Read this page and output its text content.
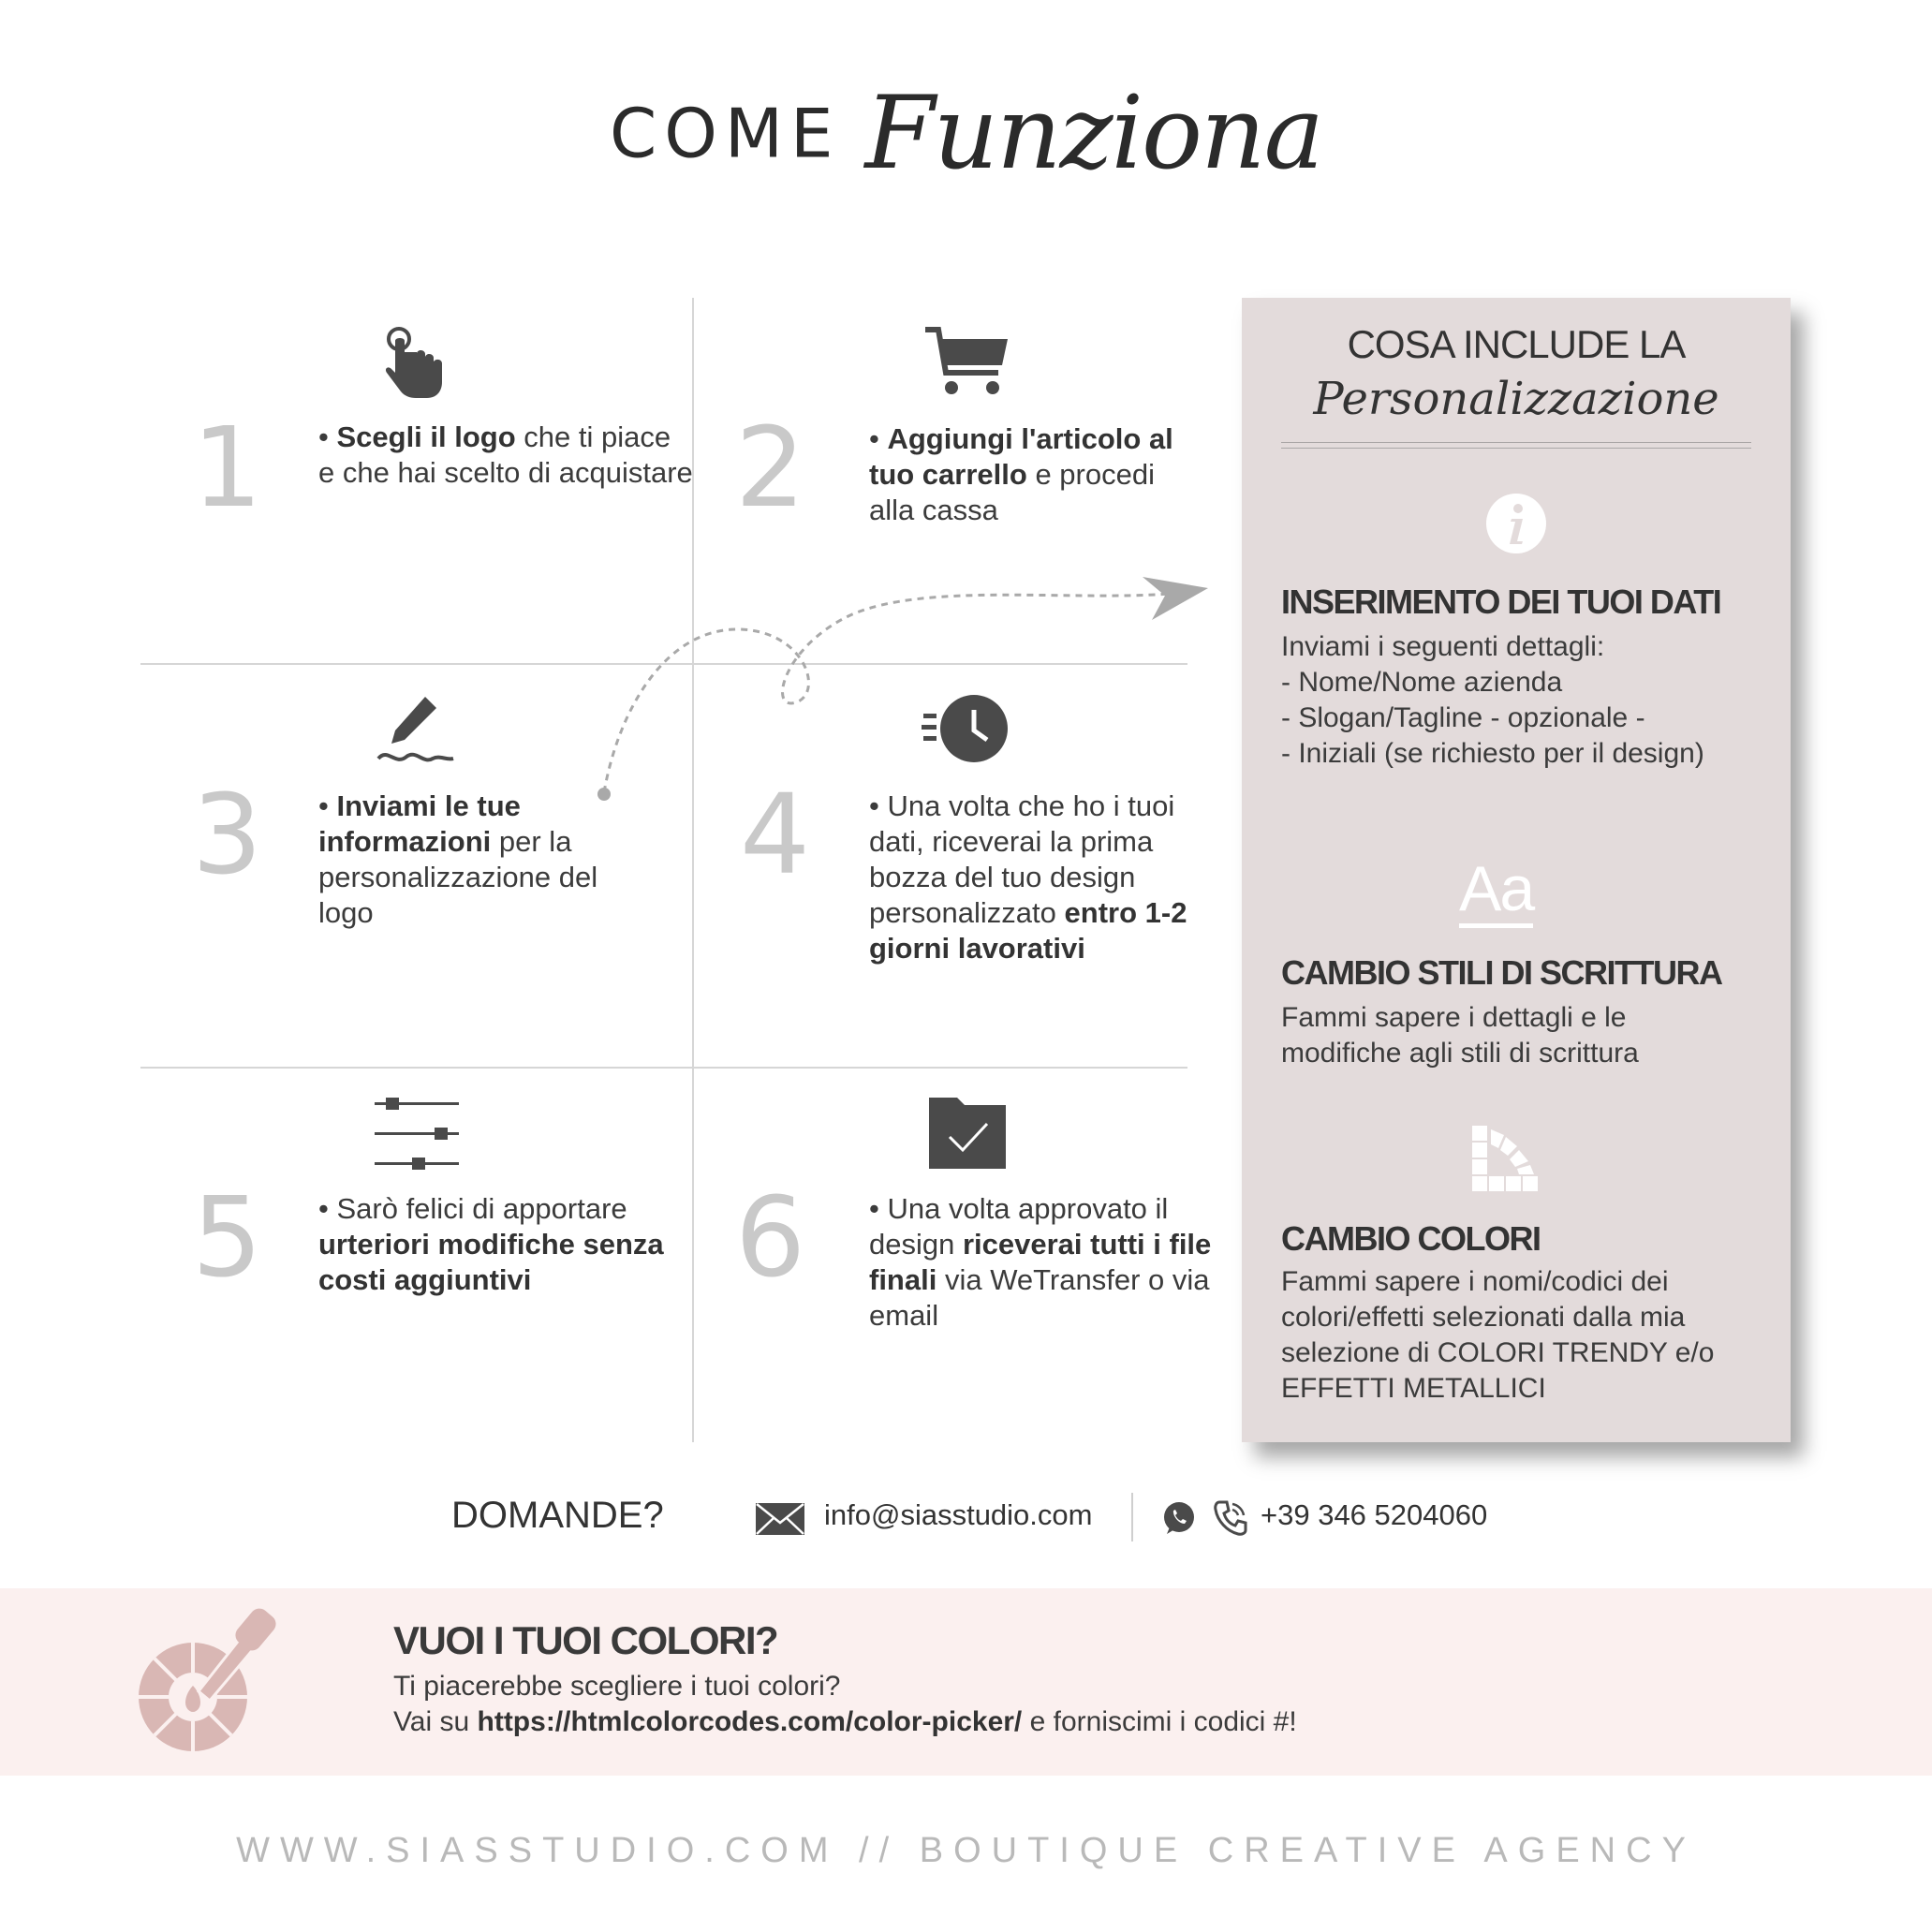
COME Funziona
1 • Scegli il logo che ti piace e che hai scelto di acquistare 2 • Aggiungi l'articolo al tuo carrello e procedi alla cassa
3 • Inviami le tue informazioni per la personalizzazione del logo
4 • Una volta che ho i tuoi dati, riceverai la prima bozza del tuo design personalizzato entro 1-2 giorni lavorativi
5 • Sarò felici di apportare urteriori modifiche senza costi aggiuntivi	6 • Una volta approvato il design riceverai tutti i file finali via WeTransfer o via email
COSA INCLUDE LA
Personalizzazione
INSERIMENTO DEI TUOI DATI
Inviami i seguenti dettagli:
- Nome/Nome azienda
- Slogan/Tagline - opzionale -
- Iniziali (se richiesto per il design)
Aa
CAMBIO STILI DI SCRITTURA
Fammi sapere i dettagli e le
modifiche agli stili di scrittura
CAMBIO COLORI
Fammi sapere i nomi/codici dei
colori/effetti selezionati dalla mia
selezione di COLORI TRENDY e/o
EFFETTI METALLICI
DOMANDE?	info@siasstudio.com	+39 346 5204060
VUOI I TUOI COLORI?
Ti piacerebbe scegliere i tuoi colori?
Vai su https://htmlcolorcodes.com/color-picker/ e forniscimi i codici #!
WWW.SIASSTUDIO.COM // BOUTIQUE CREATIVE AGENCY
